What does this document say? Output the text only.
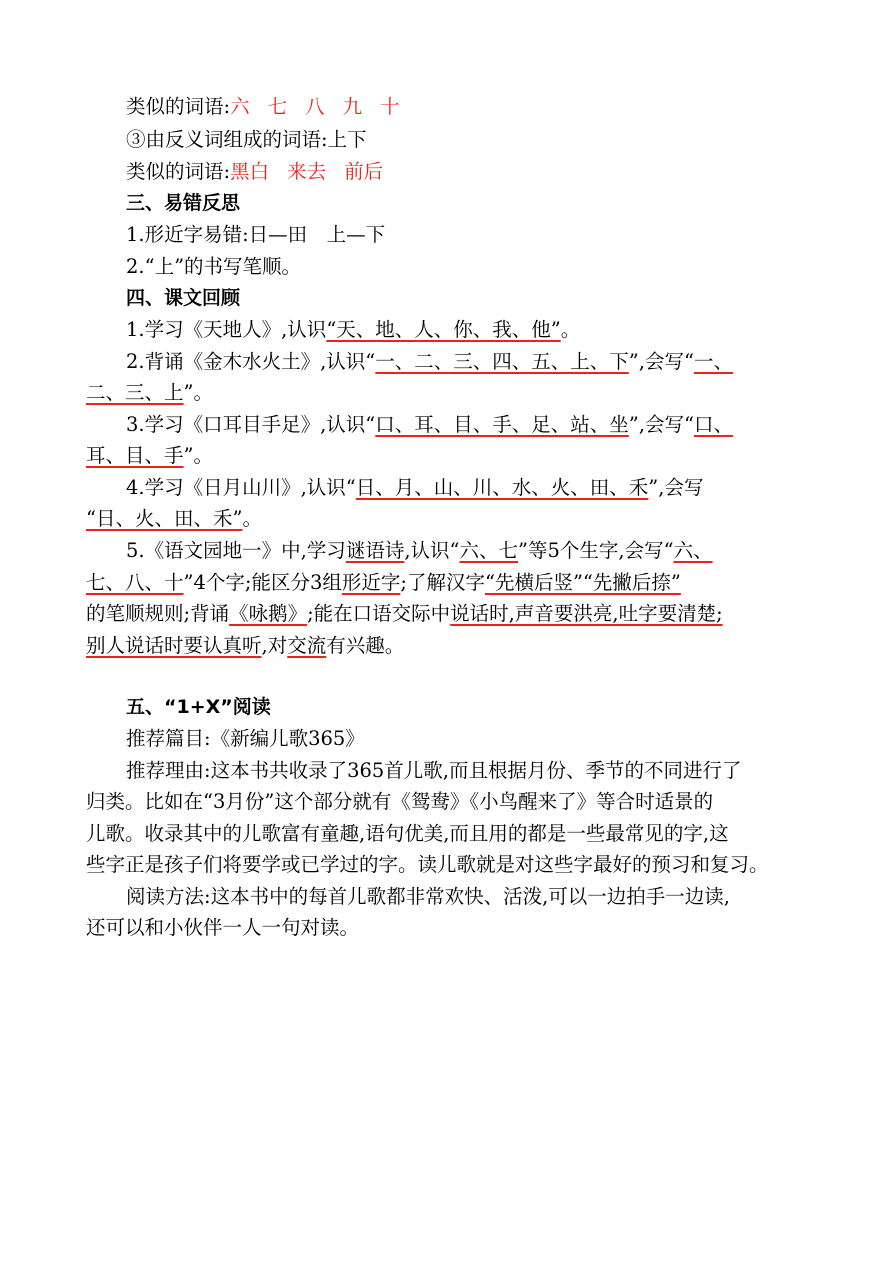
类似的词语:六 七 八 九 十
③由反义词组成的词语:上下
类似的词语:黑白 来去 前后
三、易错反思
1.形近字易错:日—田　上—下
2.“上”的书写笔顺。
四、课文回顾
1.学习《天地人》,认识“天、地、人、你、我、他”。
2.背诵《金木水火土》,认识“一、二、三、四、五、上、下”,会写“一、
二、三、上”。
3.学习《口耳目手足》,认识“口、耳、目、手、足、站、坐”,会写“口、
耳、目、手”。
4.学习《日月山川》,认识“日、月、山、川、水、火、田、禾”,会写
“日、火、田、禾”。
5.《语文园地一》中,学习谜语诗,认识“六、七”等5个生字,会写“六、
七、八、十”4个字;能区分3组形近字;了解汉字“先横后竖”“先撇后捺”
的笔顺规则;背诵《咏鹅》;能在口语交际中说话时,声音要洪亮,吐字要清楚;
别人说话时要认真听,对交流有兴趣。
五、“1+X”阅读
推荐篇目:《新编儿歌365》
推荐理由:这本书共收录了365首儿歌,而且根据月份、季节的不同进行了
归类。比如在“3月份”这个部分就有《鸳鸯》《小鸟醒来了》等合时适景的
儿歌。收录其中的儿歌富有童趣,语句优美,而且用的都是一些最常见的字,这
些字正是孩子们将要学或已学过的字。读儿歌就是对这些字最好的预习和复习。
阅读方法:这本书中的每首儿歌都非常欢快、活泼,可以一边拍手一边读,
还可以和小伙伴一人一句对读。
